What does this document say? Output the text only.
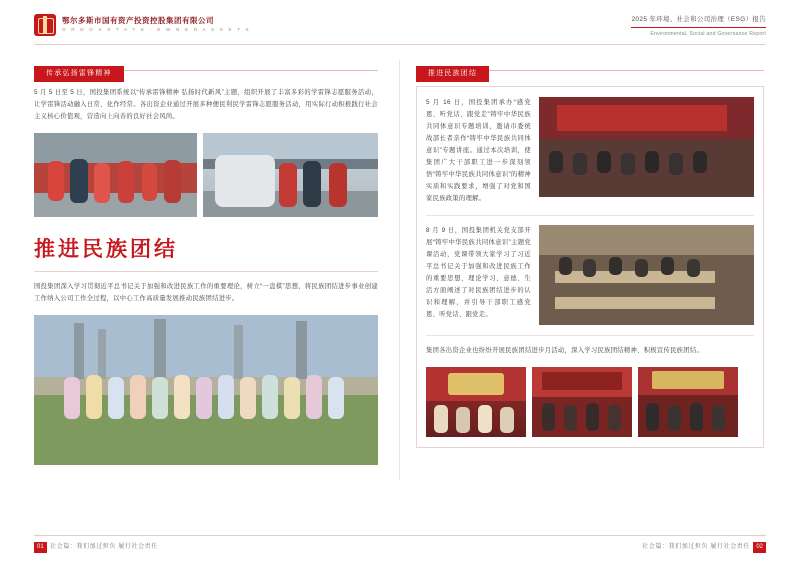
鄂尔多斯市国有资产投资控股集团有限公司
O R D O S S T A T E - O W N E D A S S E T S
2025 年环境、社会和公司治理（ESG）报告
Environmental, Social and Governance Report
传承弘扬雷锋精神

5 月 5 日至 5 日，国投集团系统以“传承雷锋精神 弘扬时代新风”主题，组织开展了丰富多彩的学雷锋志愿服务活动，让学雷锋活动融入日常、化作经常。各出资企业通过开展多种便民利民学雷锋志愿服务活动，用实际行动积极践行社会主义核心价值观，营造向上向善的良好社会风尚。

推进民族团结

国投集团深入学习贯彻近平总书记关于加强和改进民族工作的重要理论，树立“一盘棋”思想，将民族团结进步事业创建工作纳入公司工作全过程，以中心工作高质量发展推动民族团结进步。

推进民族团结

5 月 16 日，国投集团承办“感党恩、听党话、跟党走”铸牢中华民族共同体意识专题培训，邀请市委统战部长者亲作“铸牢中华民族共同体意识”专题讲座。通过本次培训，使集团广大干部职工进一步深刻领悟“铸牢中华民族共同体意识”的精神实质和实践要求，增强了对党和国家民族政策的理解。

8 月 9 日，国投集团机关党支部开展“铸牢中华民族共同体意识”主题党课活动，党课带领大家学习了习近平总书记关于加强和改进民族工作的重要思想、理论学习、意德、生活方面阐述了对民族团结进步的认识和理解，并引导干部职工感党恩、听党话、跟党走。

集团各出资企业也纷纷开展民族团结进步月活动，深入学习民族团结精神、积极宣传民族团结。

01	社会篇：我们加过担负 履行社会责任	社会篇：我们加过担负 履行社会责任	02
